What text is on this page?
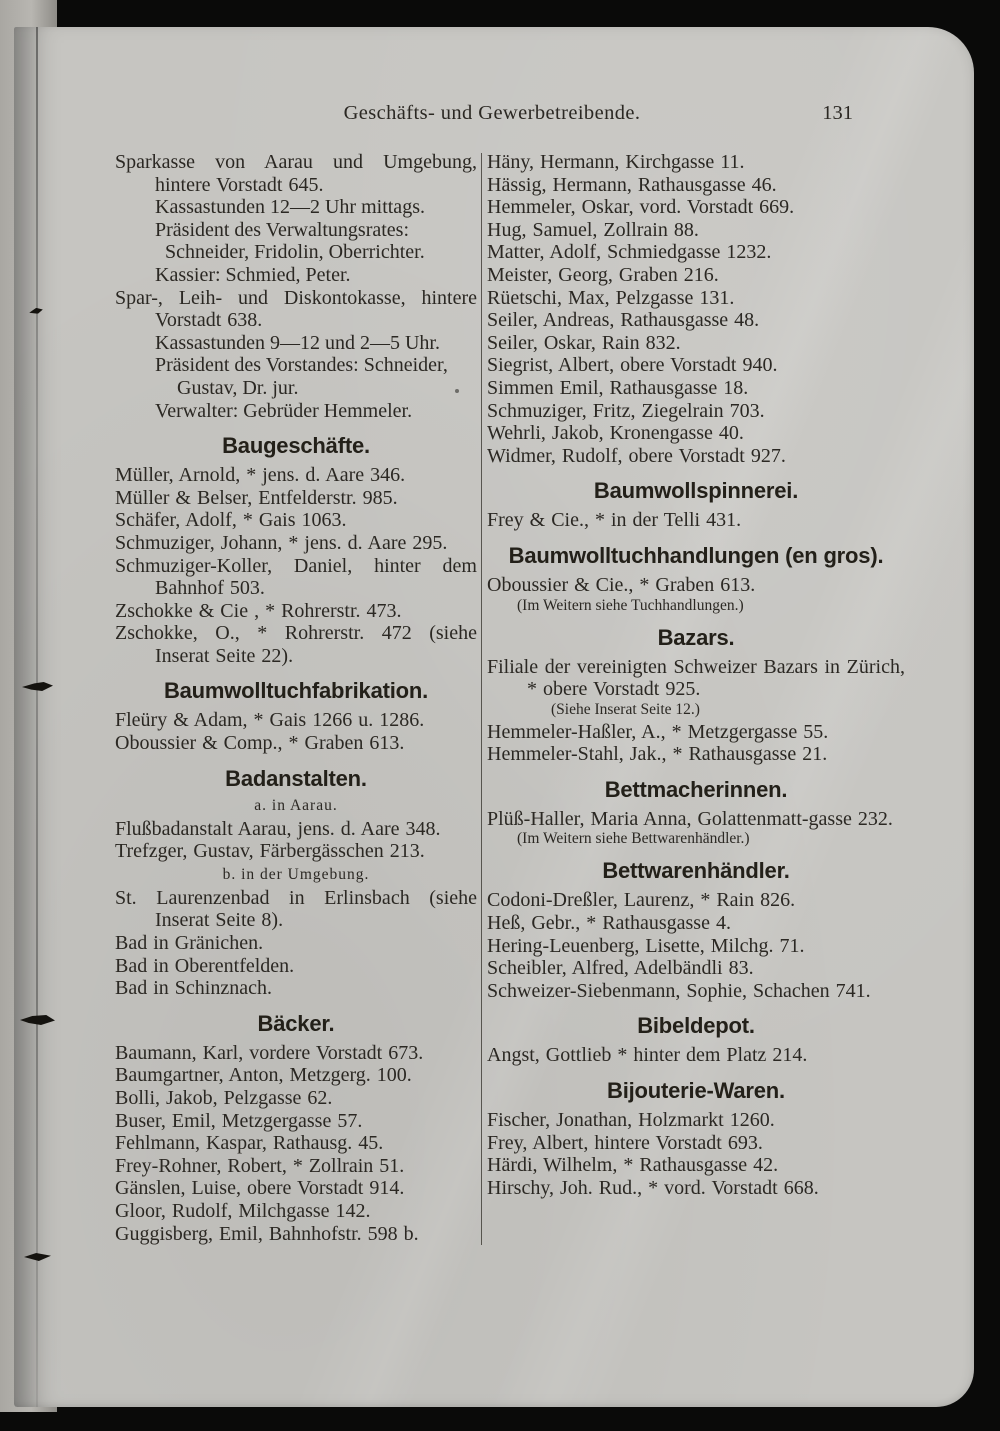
Geschäfts- und Gewerbetreibende.	131

Sparkasse von Aarau und Umgebung, hintere Vorstadt 645.

Kassastunden 12—2 Uhr mittags.

Präsident des Verwaltungsrates:

Schneider, Fridolin, Oberrichter.

Kassier: Schmied, Peter.

Spar-, Leih- und Diskontokasse, hintere Vorstadt 638.

Kassastunden 9—12 und 2—5 Uhr.

Präsident des Vorstandes: Schneider, Gustav, Dr. jur.

Verwalter: Gebrüder Hemmeler.

Baugeschäfte.

Müller, Arnold, * jens. d. Aare 346.

Müller & Belser, Entfelderstr. 985.

Schäfer, Adolf, * Gais 1063.

Schmuziger, Johann, * jens. d. Aare 295.

Schmuziger-Koller, Daniel, hinter dem Bahnhof 503.

Zschokke & Cie , * Rohrerstr. 473.

Zschokke, O., * Rohrerstr. 472 (siehe Inserat Seite 22).

Baumwolltuchfabrikation.

Fleüry & Adam, * Gais 1266 u. 1286.

Oboussier & Comp., * Graben 613.

Badanstalten.

a. in Aarau.

Flußbadanstalt Aarau, jens. d. Aare 348.

Trefzger, Gustav, Färbergässchen 213.

b. in der Umgebung.

St. Laurenzenbad in Erlinsbach (siehe Inserat Seite 8).

Bad in Gränichen.

Bad in Oberentfelden.

Bad in Schinznach.

Bäcker.

Baumann, Karl, vordere Vorstadt 673.

Baumgartner, Anton, Metzgerg. 100.

Bolli, Jakob, Pelzgasse 62.

Buser, Emil, Metzgergasse 57.

Fehlmann, Kaspar, Rathausg. 45.

Frey-Rohner, Robert, * Zollrain 51.

Gänslen, Luise, obere Vorstadt 914.

Gloor, Rudolf, Milchgasse 142.

Guggisberg, Emil, Bahnhofstr. 598 b.

Häny, Hermann, Kirchgasse 11.

Hässig, Hermann, Rathausgasse 46.

Hemmeler, Oskar, vord. Vorstadt 669.

Hug, Samuel, Zollrain 88.

Matter, Adolf, Schmiedgasse 1232.

Meister, Georg, Graben 216.

Rüetschi, Max, Pelzgasse 131.

Seiler, Andreas, Rathausgasse 48.

Seiler, Oskar, Rain 832.

Siegrist, Albert, obere Vorstadt 940.

Simmen Emil, Rathausgasse 18.

Schmuziger, Fritz, Ziegelrain 703.

Wehrli, Jakob, Kronengasse 40.

Widmer, Rudolf, obere Vorstadt 927.

Baumwollspinnerei.

Frey & Cie., * in der Telli 431.

Baumwolltuchhandlungen (en gros).

Oboussier & Cie., * Graben 613.

(Im Weitern siehe Tuchhandlungen.)

Bazars.

Filiale der vereinigten Schweizer Bazars in Zürich, * obere Vorstadt 925.

(Siehe Inserat Seite 12.)

Hemmeler-Haßler, A., * Metzgergasse 55.

Hemmeler-Stahl, Jak., * Rathausgasse 21.

Bettmacherinnen.

Plüß-Haller, Maria Anna, Golattenmatt-gasse 232.

(Im Weitern siehe Bettwarenhändler.)

Bettwarenhändler.

Codoni-Dreßler, Laurenz, * Rain 826.

Heß, Gebr., * Rathausgasse 4.

Hering-Leuenberg, Lisette, Milchg. 71.

Scheibler, Alfred, Adelbändli 83.

Schweizer-Siebenmann, Sophie, Schachen 741.

Bibeldepot.

Angst, Gottlieb * hinter dem Platz 214.

Bijouterie-Waren.

Fischer, Jonathan, Holzmarkt 1260.

Frey, Albert, hintere Vorstadt 693.

Härdi, Wilhelm, * Rathausgasse 42.

Hirschy, Joh. Rud., * vord. Vorstadt 668.
